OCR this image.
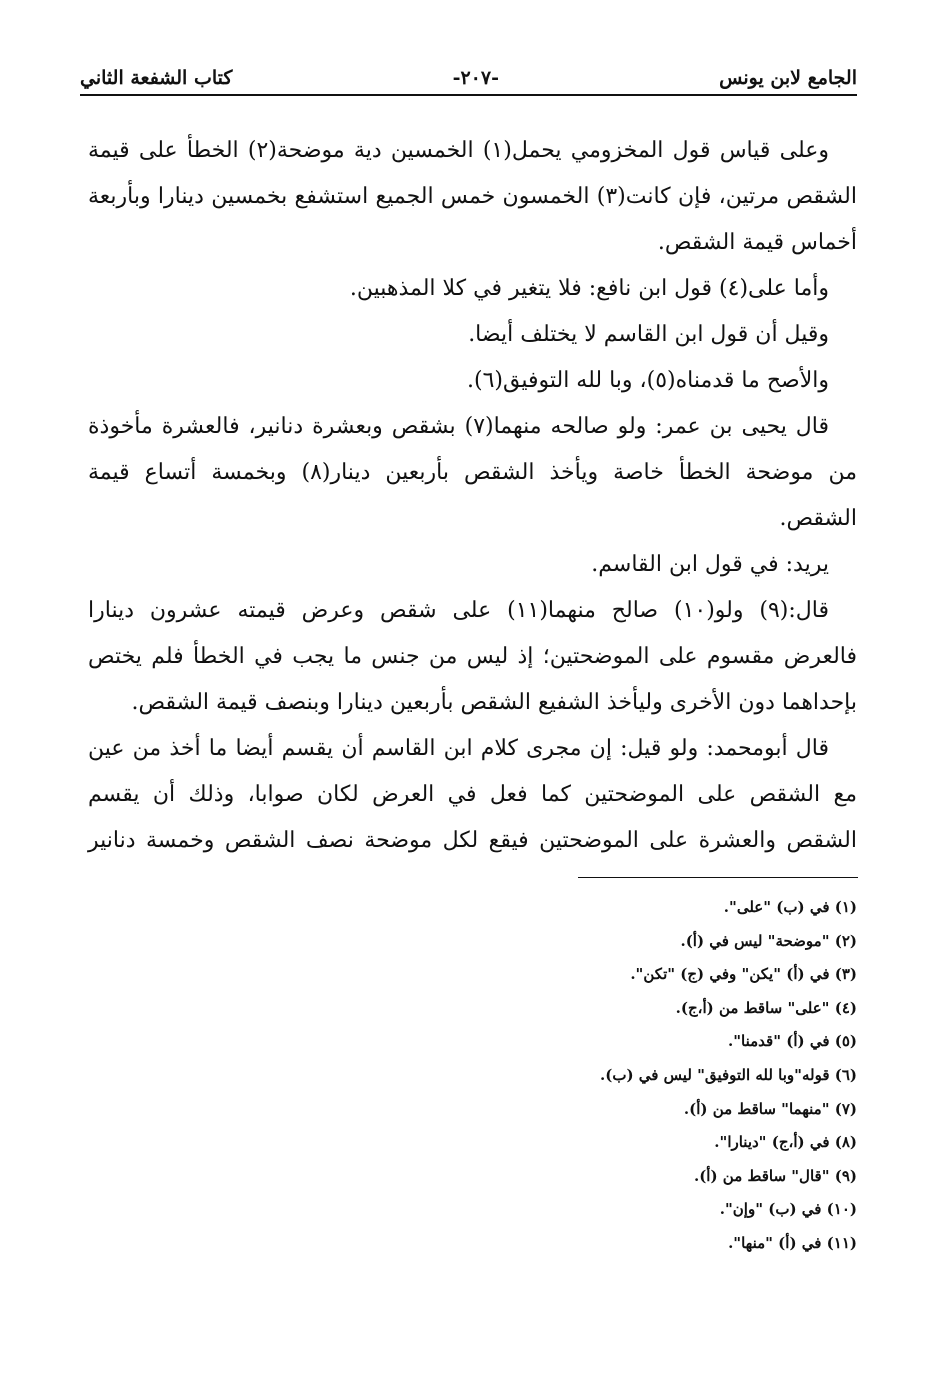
الجامع لابن يونس
-٢٠٧-
كتاب الشفعة الثاني

وعلى قياس قول المخزومي يحمل(١) الخمسين دية موضحة(٢) الخطأ على قيمة الشقص مرتين، فإن كانت(٣) الخمسون خمس الجميع استشفع بخمسين دينارا وبأربعة أخماس قيمة الشقص.

وأما على(٤) قول ابن نافع: فلا يتغير في كلا المذهبين.

وقيل أن قول ابن القاسم لا يختلف أيضا.

والأصح ما قدمناه(٥)، وبا لله التوفيق(٦).

قال يحيى بن عمر: ولو صالحه منهما(٧) بشقص وبعشرة دنانير، فالعشرة مأخوذة من موضحة الخطأ خاصة ويأخذ الشقص بأربعين دينار(٨) وبخمسة أتساع قيمة الشقص.

يريد: في قول ابن القاسم.

قال:(٩) ولو(١٠) صالح منهما(١١) على شقص وعرض قيمته عشرون دينارا فالعرض مقسوم على الموضحتين؛ إذ ليس من جنس ما يجب في الخطأ فلم يختص بإحداهما دون الأخرى وليأخذ الشفيع الشقص بأربعين دينارا وبنصف قيمة الشقص.

قال أبومحمد: ولو قيل: إن مجرى كلام ابن القاسم أن يقسم أيضا ما أخذ من عين مع الشقص على الموضحتين كما فعل في العرض لكان صوابا، وذلك أن يقسم الشقص والعشرة على الموضحتين فيقع لكل موضحة نصف الشقص وخمسة دنانير

(١) في (ب) "على".
(٢) "موضحة" ليس في (أ).
(٣) في (أ) "يكن" وفي (ج) "تكن".
(٤) "على" ساقط من (أ،ج).
(٥) في (أ) "قدمنا".
(٦) قوله"وبا لله التوفيق" ليس في (ب).
(٧) "منهما" ساقط من (أ).
(٨) في (أ،ج) "دينارا".
(٩) "قال" ساقط من (أ).
(١٠) في (ب) "وإن".
(١١) في (أ) "منها".
